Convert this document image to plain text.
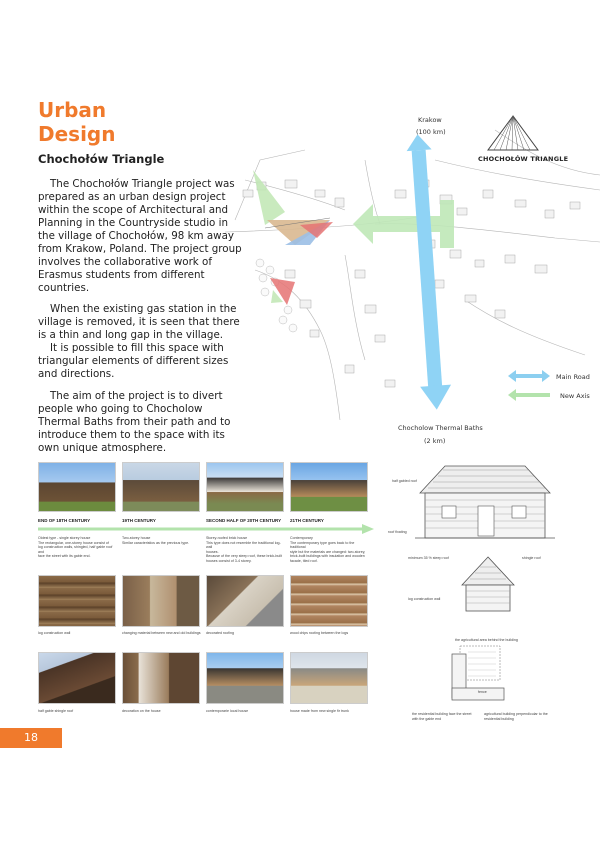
Urban
Design
Chochołów Triangle

The Chochołów Triangle project was prepared as an urban design project within the scope of Architectural and Planning in the Countryside studio in the village of Chochołów, 98 km away from Krakow, Poland. The project group involves the collaborative work of Erasmus students from different countries.

When the existing gas station in the village is removed, it is seen that there is a thin and long gap in the village.
It is possible to fill this space with triangular elements of different sizes and directions.

The aim of the project is to divert people who going to Chocholow Thermal Baths from their path and to introduce them to the space with its own unique atmosphere.

Krakow
(100 km)
CHOCHOŁÓW TRIANGLE
Chocholow Thermal Baths
(2 km)
Main Road
New Axis
END OF 18TH CENTURY	19TH CENTURY	SECOND HALF OF 20TH CENTURY 21TH CENTURY
Oldest type - single storey house
The rectangular, one-storey house consist of
log construction walls, shingled, half gable roof and
face the street with its gable end.
Two-storey house
Similar caracteristics as the previous type.
Storey-roofed brick house
This type does not resemble the traditional log-wall
houses.
Because of the very steep roof, these brick-built
houses consist of 3-4 storey.
Contemporary
The contemporary type goes back to the traditional
style but the materials are changed: two-storey,
brick-built buildings with insulation and wooden
facade, tiled roof.
log construction wall	changing material between new and old buildings decorated roofing	wood chips rooting between the logs
half gable shingle roof	decoration on the house	contemporarie local house	house made from new single fir trunk
half gabled roof
roof fixating
minimum 35 % steep roof	shingle roof
log construction wall
the agricultural area behind the building
fence
the residential building face the street with the gable end
agricultural building perpendicular to the residential building
18
